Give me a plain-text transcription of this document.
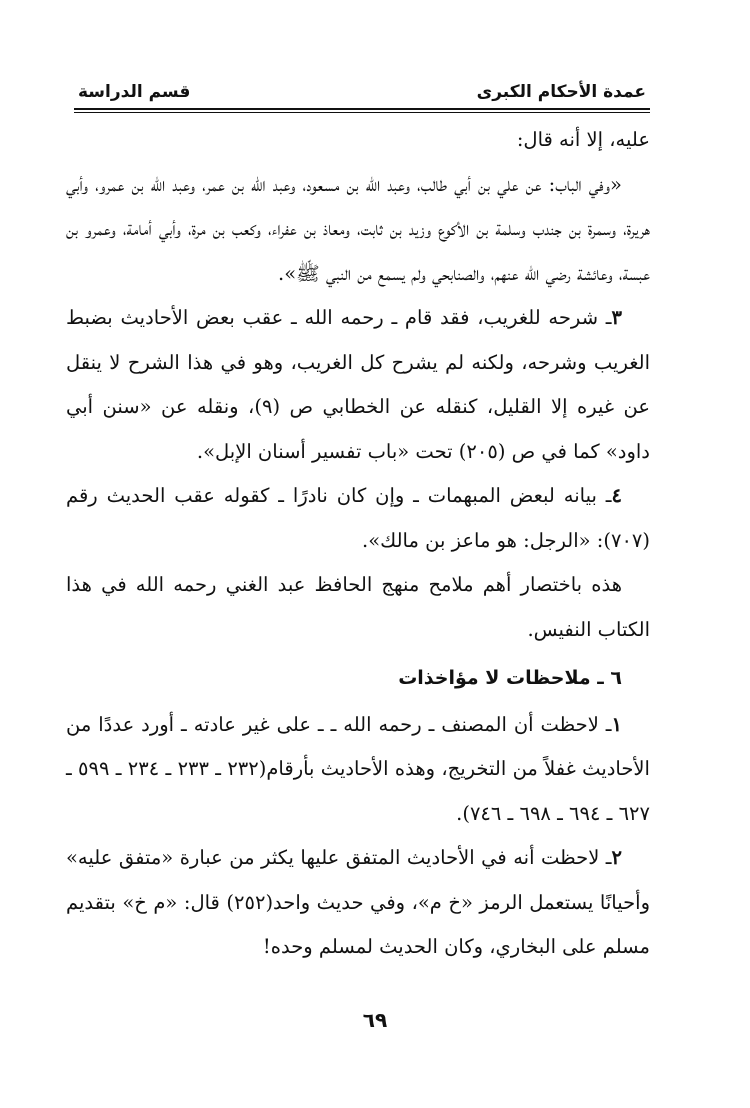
عمدة الأحكام الكبرى
قسم الدراسة

عليه، إلا أنه قال:

«وفي الباب: عن علي بن أبي طالب، وعبد الله بن مسعود، وعبد الله بن عمر، وعبد الله بن عمرو، وأبي هريرة، وسمرة بن جندب وسلمة بن الأكوع وزيد بن ثابت، ومعاذ بن عفراء، وكعب بن مرة، وأبي أمامة، وعمرو بن عبسة، وعائشة رضي الله عنهم، والصنابحي ولم يسمع من النبي ﷺ».

٣ـ شرحه للغريب، فقد قام ـ رحمه الله ـ عقب بعض الأحاديث بضبط الغريب وشرحه، ولكنه لم يشرح كل الغريب، وهو في هذا الشرح لا ينقل عن غيره إلا القليل، كنقله عن الخطابي ص (٩)، ونقله عن «سنن أبي داود» كما في ص (٢٠٥) تحت «باب تفسير أسنان الإبل».

٤ـ بيانه لبعض المبهمات ـ وإن كان نادرًا ـ كقوله عقب الحديث رقم (٧٠٧): «الرجل: هو ماعز بن مالك».

هذه باختصار أهم ملامح منهج الحافظ عبد الغني رحمه الله في هذا الكتاب النفيس.

٦ ـ ملاحظات لا مؤاخذات

١ـ لاحظت أن المصنف ـ رحمه الله ـ ـ على غير عادته ـ أورد عددًا من الأحاديث غفلاً من التخريج، وهذه الأحاديث بأرقام(٢٣٢ ـ ٢٣٣ ـ ٢٣٤ ـ ٥٩٩ ـ ٦٢٧ ـ ٦٩٤ ـ ٦٩٨ ـ ٧٤٦).

٢ـ لاحظت أنه في الأحاديث المتفق عليها يكثر من عبارة «متفق عليه» وأحيانًا يستعمل الرمز «خ م»، وفي حديث واحد(٢٥٢) قال: «م خ» بتقديم مسلم على البخاري، وكان الحديث لمسلم وحده!

٦٩
